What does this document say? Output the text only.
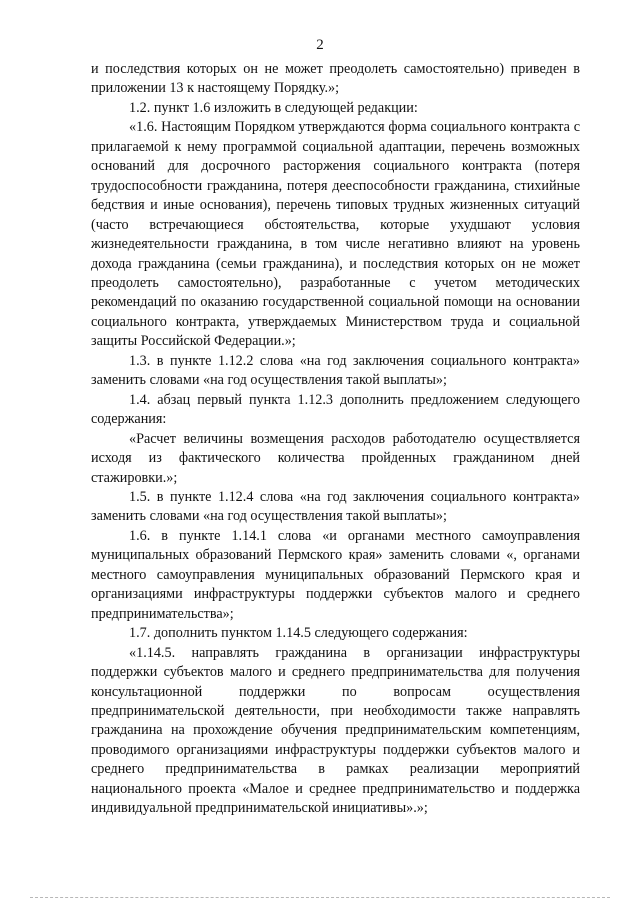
2

и последствия которых он не может преодолеть самостоятельно) приведен в приложении 13 к настоящему Порядку.»;

1.2. пункт 1.6 изложить в следующей редакции:

«1.6. Настоящим Порядком утверждаются форма социального контракта с прилагаемой к нему программой социальной адаптации, перечень возможных оснований для досрочного расторжения социального контракта (потеря трудоспособности гражданина, потеря дееспособности гражданина, стихийные бедствия и иные основания), перечень типовых трудных жизненных ситуаций (часто встречающиеся обстоятельства, которые ухудшают условия жизнедеятельности гражданина, в том числе негативно влияют на уровень дохода гражданина (семьи гражданина), и последствия которых он не может преодолеть самостоятельно), разработанные с учетом методических рекомендаций по оказанию государственной социальной помощи на основании социального контракта, утверждаемых Министерством труда и социальной защиты Российской Федерации.»;

1.3. в пункте 1.12.2 слова «на год заключения социального контракта» заменить словами «на год осуществления такой выплаты»;

1.4. абзац первый пункта 1.12.3 дополнить предложением следующего содержания:

«Расчет величины возмещения расходов работодателю осуществляется исходя из фактического количества пройденных гражданином дней стажировки.»;

1.5. в пункте 1.12.4 слова «на год заключения социального контракта» заменить словами «на год осуществления такой выплаты»;

1.6. в пункте 1.14.1 слова «и органами местного самоуправления муниципальных образований Пермского края» заменить словами «, органами местного самоуправления муниципальных образований Пермского края и организациями инфраструктуры поддержки субъектов малого и среднего предпринимательства»;

1.7. дополнить пунктом 1.14.5 следующего содержания:

«1.14.5. направлять гражданина в организации инфраструктуры поддержки субъектов малого и среднего предпринимательства для получения консультационной поддержки по вопросам осуществления предпринимательской деятельности, при необходимости также направлять гражданина на прохождение обучения предпринимательским компетенциям, проводимого организациями инфраструктуры поддержки субъектов малого и среднего предпринимательства в рамках реализации мероприятий национального проекта «Малое и среднее предпринимательство и поддержка индивидуальной предпринимательской инициативы».»;
